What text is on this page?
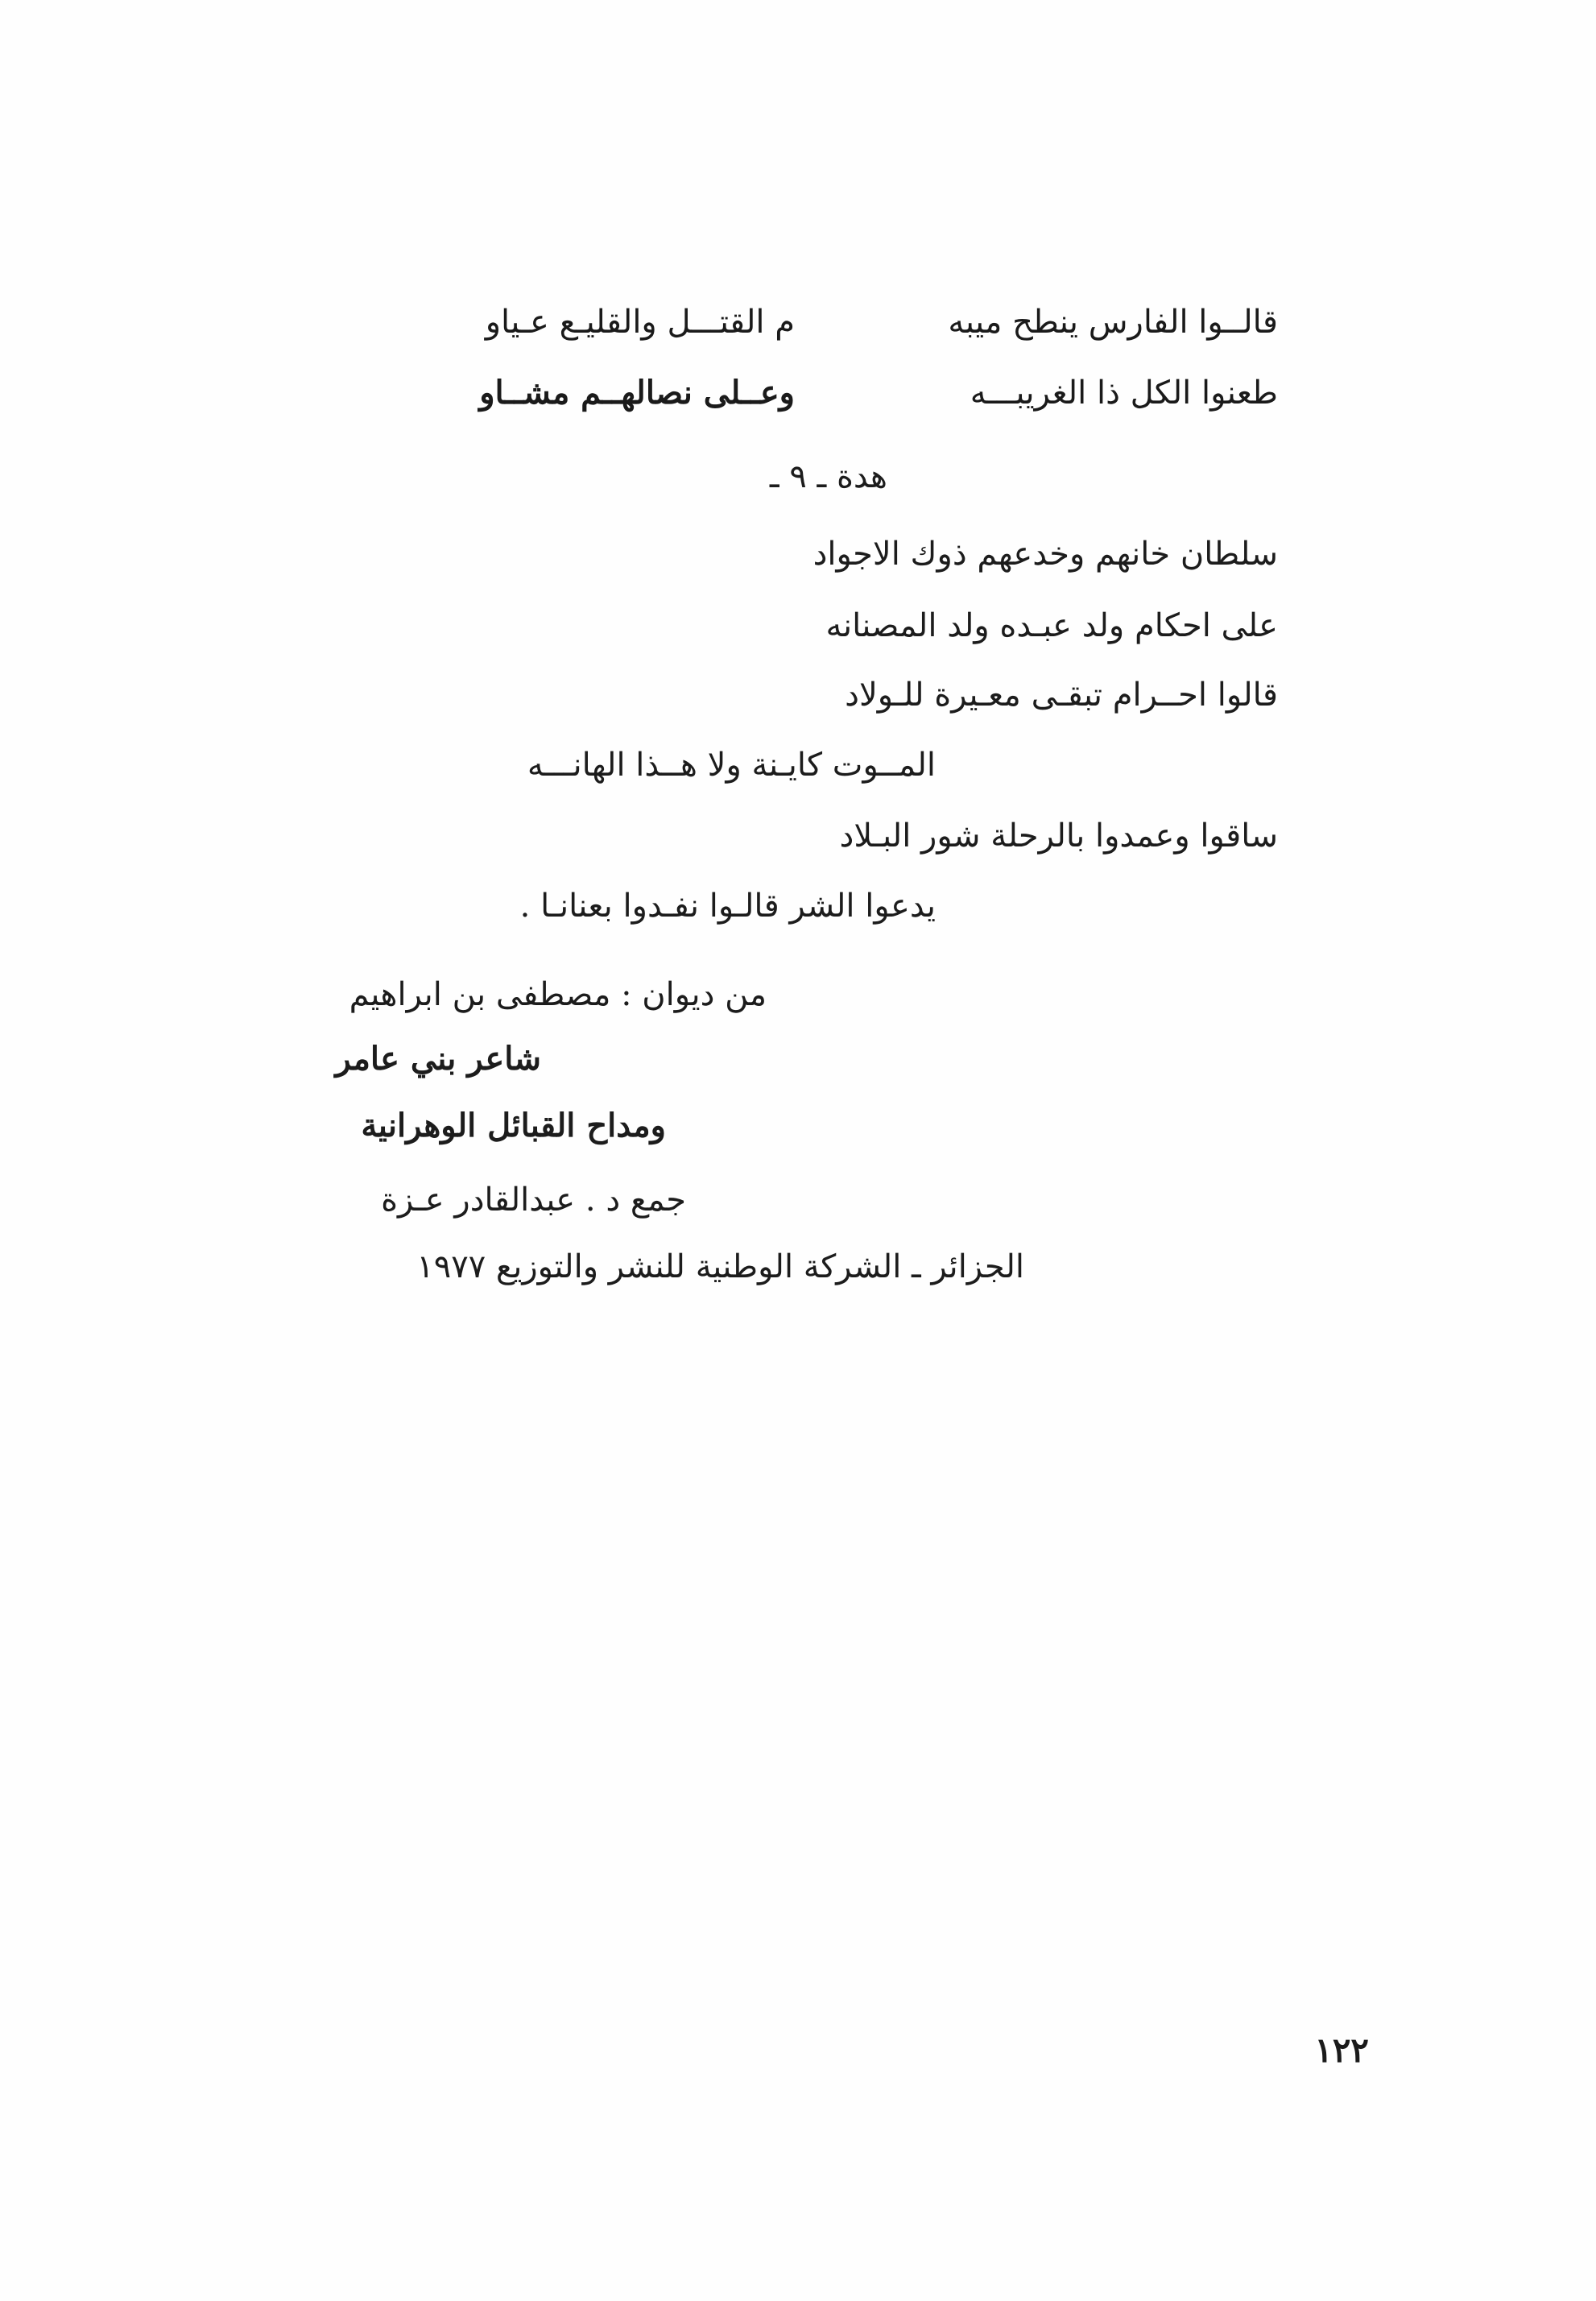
قالــوا الفارس ينطح ميبه
م القتـــل والقليـع عـياو
طعنوا الكل ذا الغريبـــه
وعــلى نصالهــم مشــاو
هدة ـ ٩ ـ
سلطان خانهم وخدعهم ذوك الاجواد
على احكام ولد عبـده ولد المصنانه
قالوا احــرام تبقـى معـيرة للـولاد
المــوت كايـنة ولا هــذا الهانـــه
ساقوا وعمدوا بالرحلة شور البـلاد
يدعوا الشر قالـوا نفـدوا بعنانـا .
من ديوان : مصطفى بن ابراهيم
شاعر بني عامر
ومداح القبائل الوهرانية
جمع د . عبدالقادر عـزة
الجزائر ـ الشركة الوطنية للنشر والتوزيع ١٩٧٧
١٢٢
